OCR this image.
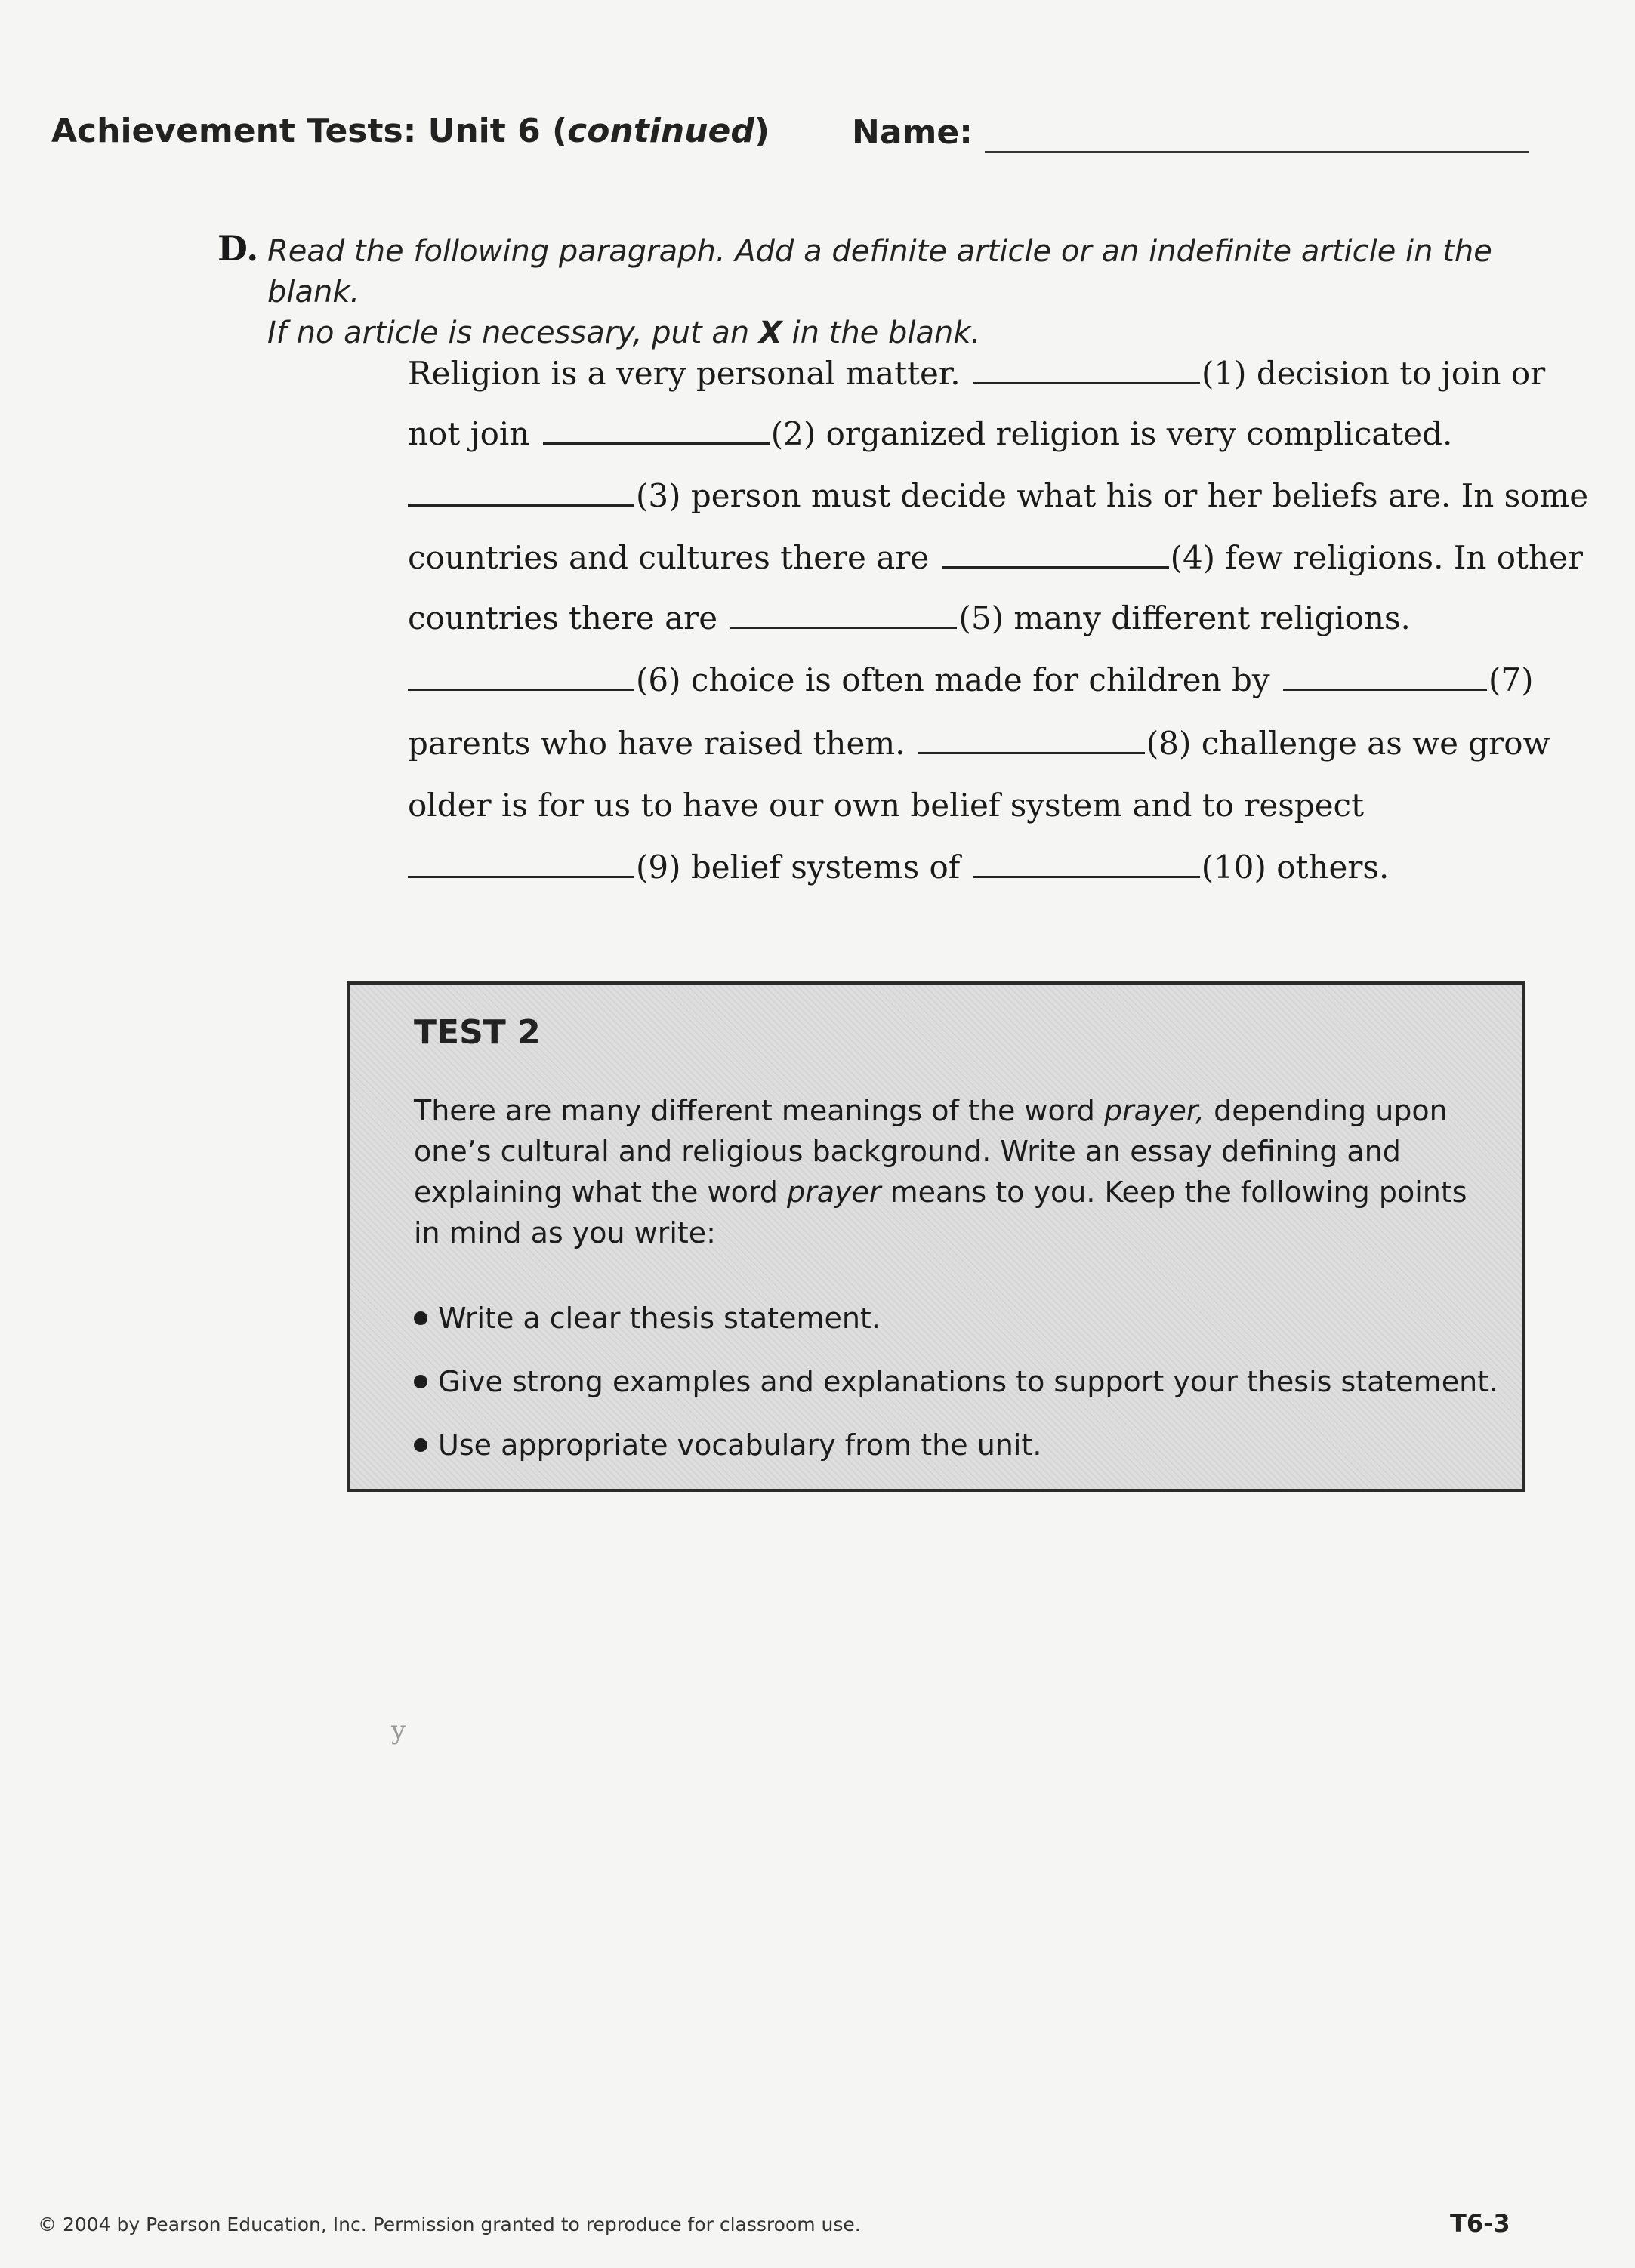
Achievement Tests: Unit 6 (continued) Name:
D. Read the following paragraph. Add a definite article or an indefinite article in the blank.
If no article is necessary, put an X in the blank.
Religion is a very personal matter.	(1) decision to join or
not join	(2) organized religion is very complicated.
(3) person must decide what his or her beliefs are. In some
countries and cultures there are	(4) few religions. In other
countries there are	(5) many different religions.
(6) choice is often made for children by	(7)
parents who have raised them.	(8) challenge as we grow
older is for us to have our own belief system and to respect
(9) belief systems of	(10) others.
TEST 2
There are many different meanings of the word prayer, depending upon one’s cultural and religious background. Write an essay defining and explaining what the word prayer means to you. Keep the following points in mind as you write:
Write a clear thesis statement.
Give strong examples and explanations to support your thesis statement.
Use appropriate vocabulary from the unit.
y
© 2004 by Pearson Education, Inc. Permission granted to reproduce for classroom use.	T6-3
